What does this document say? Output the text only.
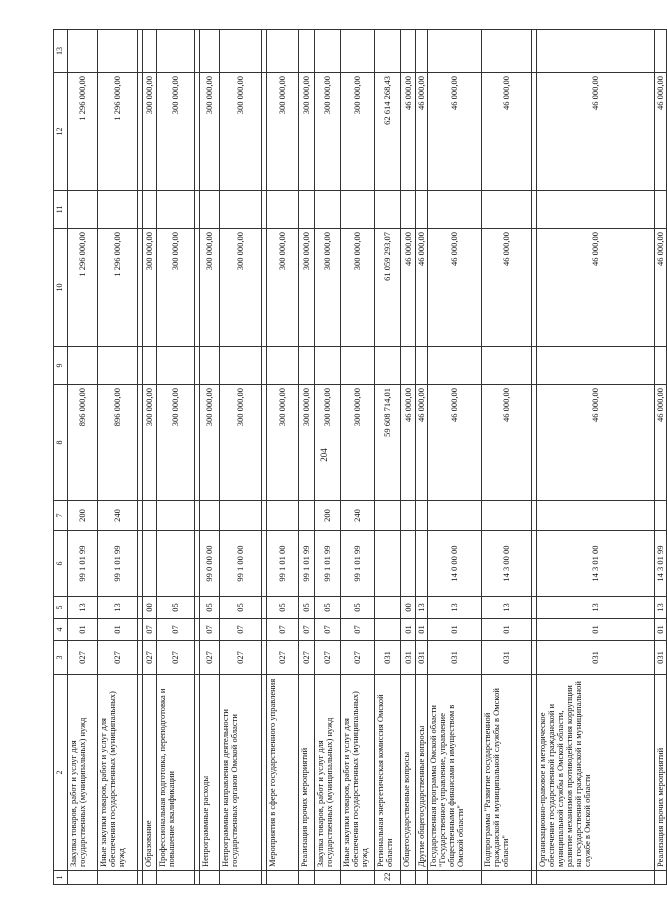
204
1	2	3	4	5	6	7	8	9	10	11	12	13
	Закупка товаров, работ и услуг для государственных (муниципальных) нужд	027	01	13	99 1 01 99	200	896 000,00		1 296 000,00		1 296 000,00	
	Иные закупки товаров, работ и услуг для обеспечения государственных (муниципальных) нужд	027	01	13	99 1 01 99	240	896 000,00		1 296 000,00		1 296 000,00	

	Образование	027	07	00			300 000,00		300 000,00		300 000,00	
	Профессиональная подготовка, переподготовка и повышение квалификации	027	07	05			300 000,00		300 000,00		300 000,00	

	Непрограммные расходы	027	07	05	99 0 00 00		300 000,00		300 000,00		300 000,00	
	Непрограммные направления деятельности государственных органов Омской области	027	07	05	99 1 00 00		300 000,00		300 000,00		300 000,00	

	Мероприятия в сфере государственного управления	027	07	05	99 1 01 00		300 000,00		300 000,00		300 000,00	
	Реализация прочих мероприятий	027	07	05	99 1 01 99		300 000,00		300 000,00		300 000,00	
	Закупка товаров, работ и услуг для государственных (муниципальных) нужд	027	07	05	99 1 01 99	200	300 000,00		300 000,00		300 000,00	
	Иные закупки товаров, работ и услуг для обеспечения государственных (муниципальных) нужд	027	07	05	99 1 01 99	240	300 000,00		300 000,00		300 000,00	
22	Региональная энергетическая комиссия Омской области	031					59 608 714,01		61 059 293,07		62 614 268,43	
	Общегосударственные вопросы	031	01	00			46 000,00		46 000,00		46 000,00	
	Другие общегосударственные вопросы	031	01	13			46 000,00		46 000,00		46 000,00	
	Государственная программа Омской области "Государственное управление, управление общественными финансами и имуществом в Омской области"	031	01	13	14 0 00 00		46 000,00		46 000,00		46 000,00	
	Подпрограмма "Развитие государственной гражданской и муниципальной службы в Омской области"	031	01	13	14 3 00 00		46 000,00		46 000,00		46 000,00	

	Организационно-правовое и методическое обеспечение государственной гражданской и муниципальной службы в Омской области, развитие механизмов противодействия коррупции на государственной гражданской и муниципальной службе в Омской области	031	01	13	14 3 01 00		46 000,00		46 000,00		46 000,00	
	Реализация прочих мероприятий	031	01	13	14 3 01 99		46 000,00		46 000,00		46 000,00	
